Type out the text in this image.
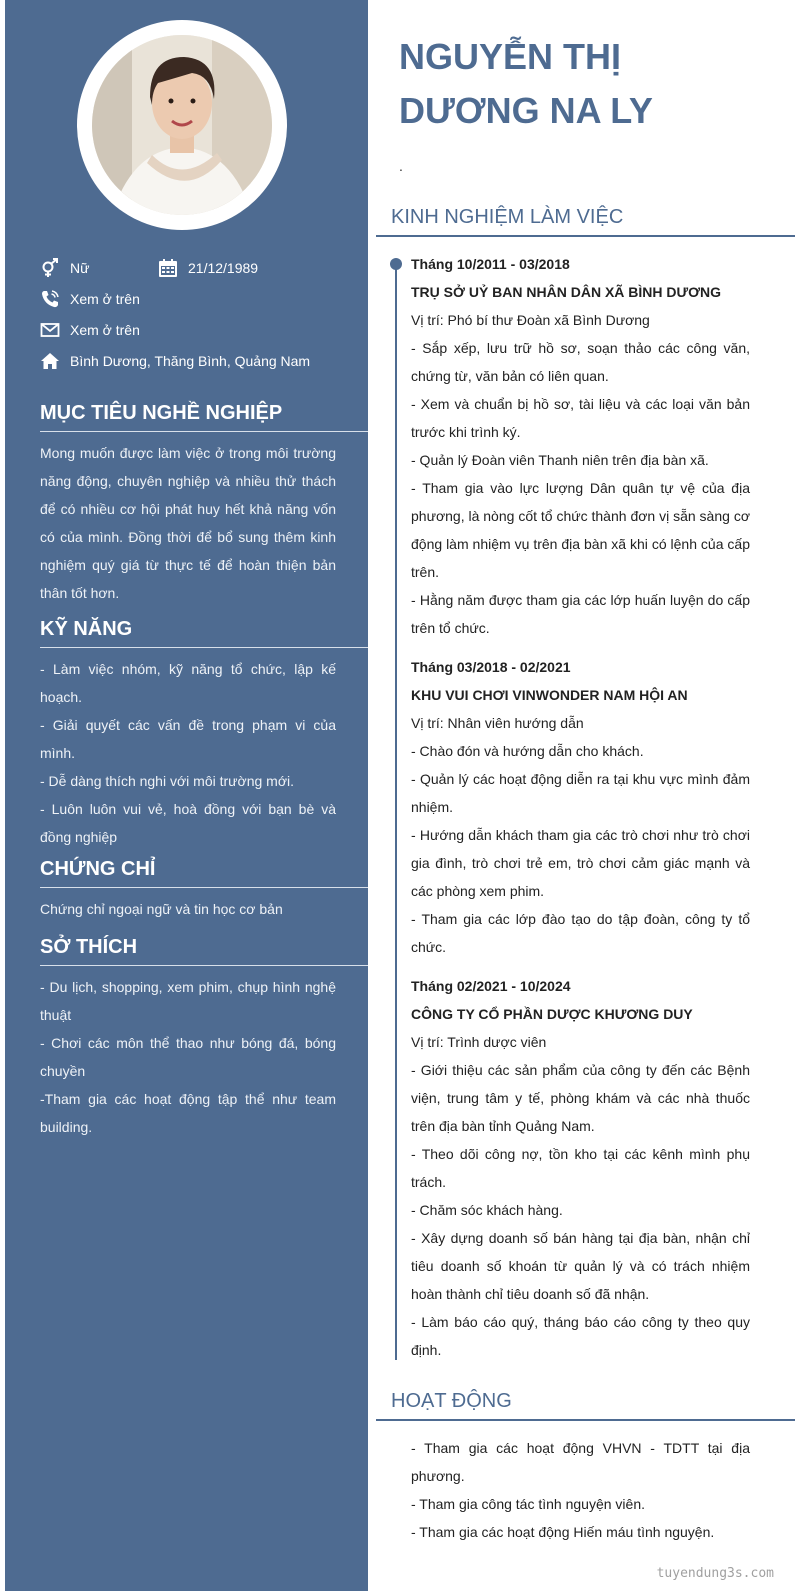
Nữ	21/12/1989
Xem ở trên
Xem ở trên
Bình Dương, Thăng Bình, Quảng Nam
MỤC TIÊU NGHỀ NGHIỆP

Mong muốn được làm việc ở trong môi trường năng động, chuyên nghiệp và nhiều thử thách để có nhiều cơ hội phát huy hết khả năng vốn có của mình. Đồng thời để bổ sung thêm kinh nghiệm quý giá từ thực tế để hoàn thiện bản thân tốt hơn.

KỸ NĂNG

- Làm việc nhóm, kỹ năng tổ chức, lập kế hoạch.

- Giải quyết các vấn đề trong phạm vi của mình.

- Dễ dàng thích nghi với môi trường mới.

- Luôn luôn vui vẻ, hoà đồng với bạn bè và đồng nghiệp

CHỨNG CHỈ

Chứng chỉ ngoại ngữ và tin học cơ bản

SỞ THÍCH

- Du lịch, shopping, xem phim, chụp hình nghệ thuật

- Chơi các môn thể thao như bóng đá, bóng chuyền

-Tham gia các hoạt động tập thể như team building.

NGUYỄN THỊ
DƯƠNG NA LY
.
KINH NGHIỆM LÀM VIỆC

Tháng 10/2011 - 03/2018

TRỤ SỞ UỶ BAN NHÂN DÂN XÃ BÌNH DƯƠNG

Vị trí: Phó bí thư Đoàn xã Bình Dương

- Sắp xếp, lưu trữ hồ sơ, soạn thảo các công văn, chứng từ, văn bản có liên quan.

- Xem và chuẩn bị hồ sơ, tài liệu và các loại văn bản trước khi trình ký.

- Quản lý Đoàn viên Thanh niên trên địa bàn xã.

- Tham gia vào lực lượng Dân quân tự vệ của địa phương, là nòng cốt tổ chức thành đơn vị sẵn sàng cơ động làm nhiệm vụ trên địa bàn xã khi có lệnh của cấp trên.

- Hằng năm được tham gia các lớp huấn luyện do cấp trên tổ chức.

Tháng 03/2018 - 02/2021

KHU VUI CHƠI VINWONDER NAM HỘI AN

Vị trí: Nhân viên hướng dẫn

- Chào đón và hướng dẫn cho khách.

- Quản lý các hoạt động diễn ra tại khu vực mình đảm nhiệm.

- Hướng dẫn khách tham gia các trò chơi như trò chơi gia đình, trò chơi trẻ em, trò chơi cảm giác mạnh và các phòng xem phim.

- Tham gia các lớp đào tạo do tập đoàn, công ty tổ chức.

Tháng 02/2021 - 10/2024

CÔNG TY CỔ PHẦN DƯỢC KHƯƠNG DUY

Vị trí: Trình dược viên

- Giới thiệu các sản phẩm của công ty đến các Bệnh viện, trung tâm y tế, phòng khám và các nhà thuốc trên địa bàn tỉnh Quảng Nam.

- Theo dõi công nợ, tồn kho tại các kênh mình phụ trách.

- Chăm sóc khách hàng.

- Xây dựng doanh số bán hàng tại địa bàn, nhận chỉ tiêu doanh số khoán từ quản lý và có trách nhiệm hoàn thành chỉ tiêu doanh số đã nhận.

- Làm báo cáo quý, tháng báo cáo công ty theo quy định.

HOẠT ĐỘNG

- Tham gia các hoạt động VHVN - TDTT tại địa phương.

- Tham gia công tác tình nguyện viên.

- Tham gia các hoạt động Hiến máu tình nguyện.

tuyendung3s.com
